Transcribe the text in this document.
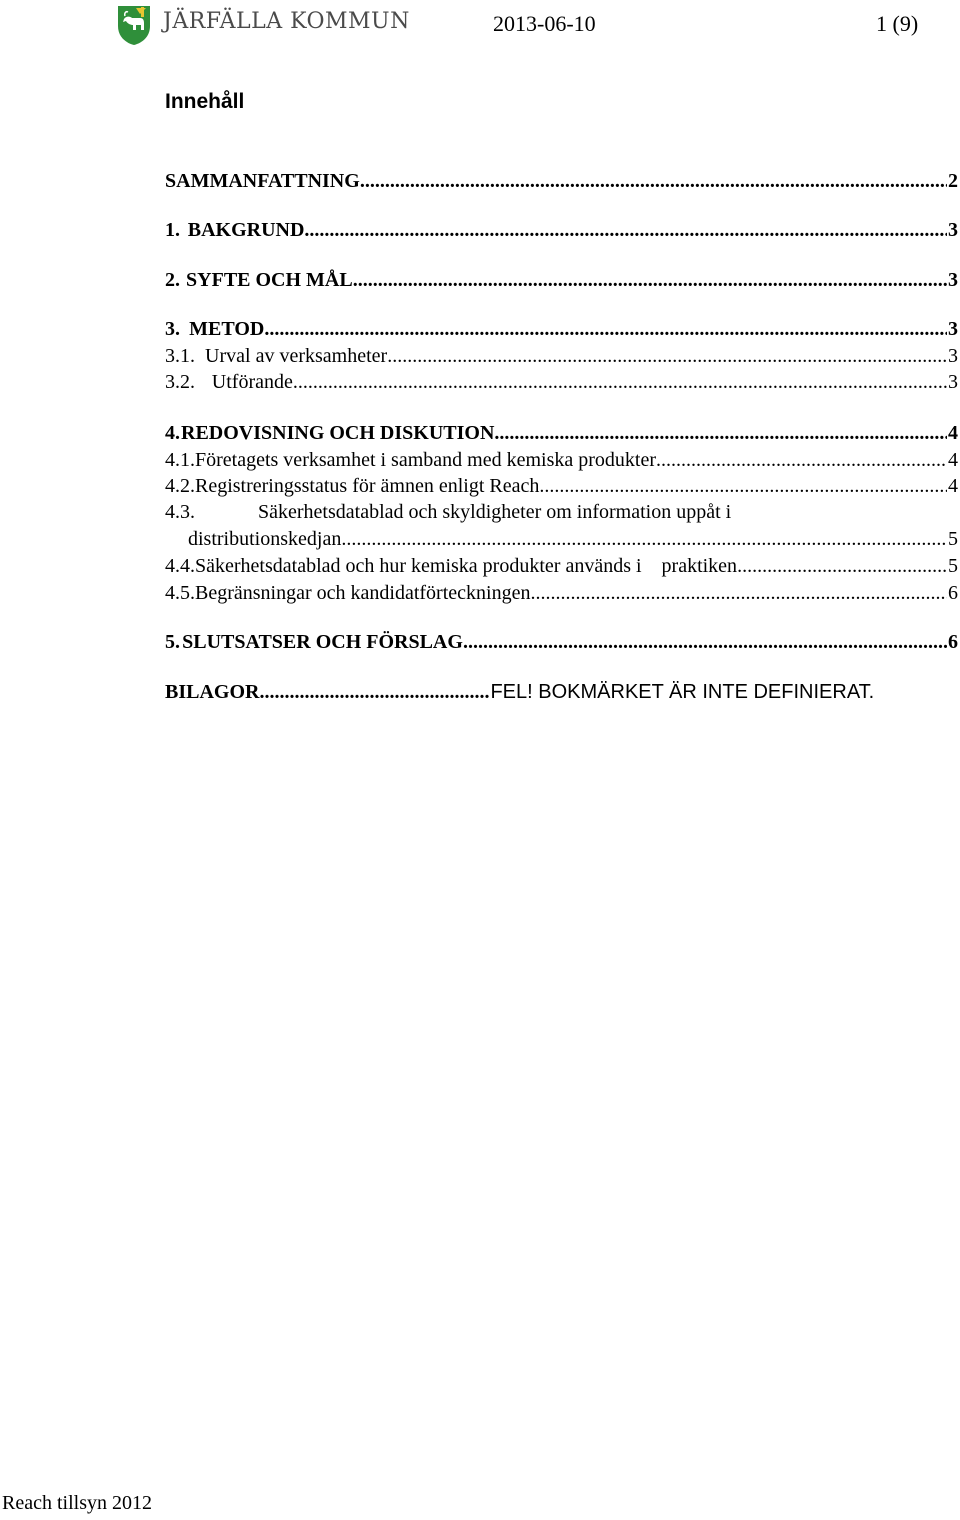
JÄRFÄLLA KOMMUN	2013-06-10	1 (9)
Innehåll
SAMMANFATTNING .....	2
1. BAKGRUND .....	3
2. SYFTE OCH MÅL .....	3
3. METOD .....	3
3.1. Urval av verksamheter .....	3
3.2. Utförande .....	3
4. REDOVISNING OCH DISKUTION .....	4
4.1. Företagets verksamhet i samband med kemiska produkter .....	4
4.2. Registreringsstatus för ämnen enligt Reach .....	4
4.3.	Säkerhetsdatablad och skyldigheter om information uppåt i
distributionskedjan .....	5
4.4. Säkerhetsdatablad och hur kemiska produkter används i    praktiken .....	5
4.5. Begränsningar och kandidatförteckningen .....	6
5. SLUTSATSER OCH FÖRSLAG .....	6
BILAGOR .....	FEL! BOKMÄRKET ÄR INTE DEFINIERAT.
Reach tillsyn 2012
